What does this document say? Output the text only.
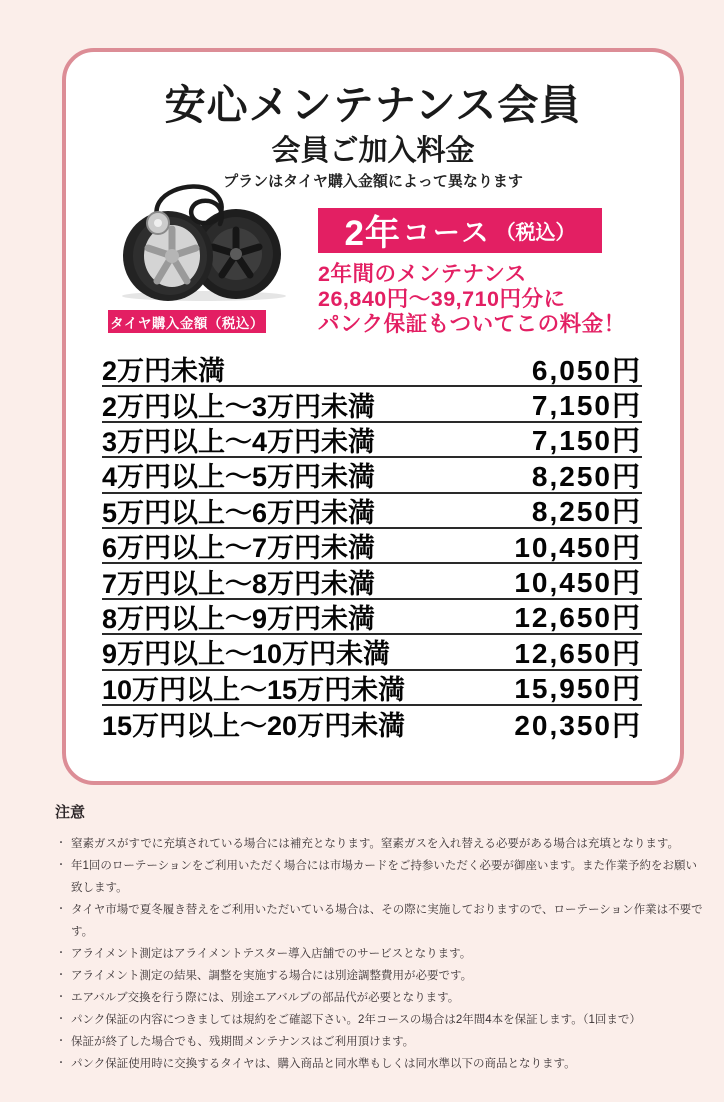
安心メンテナンス会員
会員ご加入料金

プランはタイヤ購入金額によって異なります

タイヤ購入金額（税込）
2年 コース （税込）
2年間のメンテナンス
26,840円〜39,710円分に
パンク保証もついてこの料金！
2万円未満	6,050円
2万円以上〜3万円未満	7,150円
3万円以上〜4万円未満	7,150円
4万円以上〜5万円未満	8,250円
5万円以上〜6万円未満	8,250円
6万円以上〜7万円未満	10,450円
7万円以上〜8万円未満	10,450円
8万円以上〜9万円未満	12,650円
9万円以上〜10万円未満	12,650円
10万円以上〜15万円未満	15,950円
15万円以上〜20万円未満	20,350円
注意
・ 窒素ガスがすでに充填されている場合には補充となります。窒素ガスを入れ替える必要がある場合は充填となります。
・ 年1回のローテーションをご利用いただく場合には市場カードをご持参いただく必要が御座います。また作業予約をお願い致します。
・ タイヤ市場で夏冬履き替えをご利用いただいている場合は、その際に実施しておりますので、ローテーション作業は不要です。
・ アライメント測定はアライメントテスター導入店舗でのサービスとなります。
・ アライメント測定の結果、調整を実施する場合には別途調整費用が必要です。
・ エアバルブ交換を行う際には、別途エアバルブの部品代が必要となります。
・ パンク保証の内容につきましては規約をご確認下さい。2年コースの場合は2年間4本を保証します。（1回まで）
・ 保証が終了した場合でも、残期間メンテナンスはご利用頂けます。
・ パンク保証使用時に交換するタイヤは、購入商品と同水準もしくは同水準以下の商品となります。
